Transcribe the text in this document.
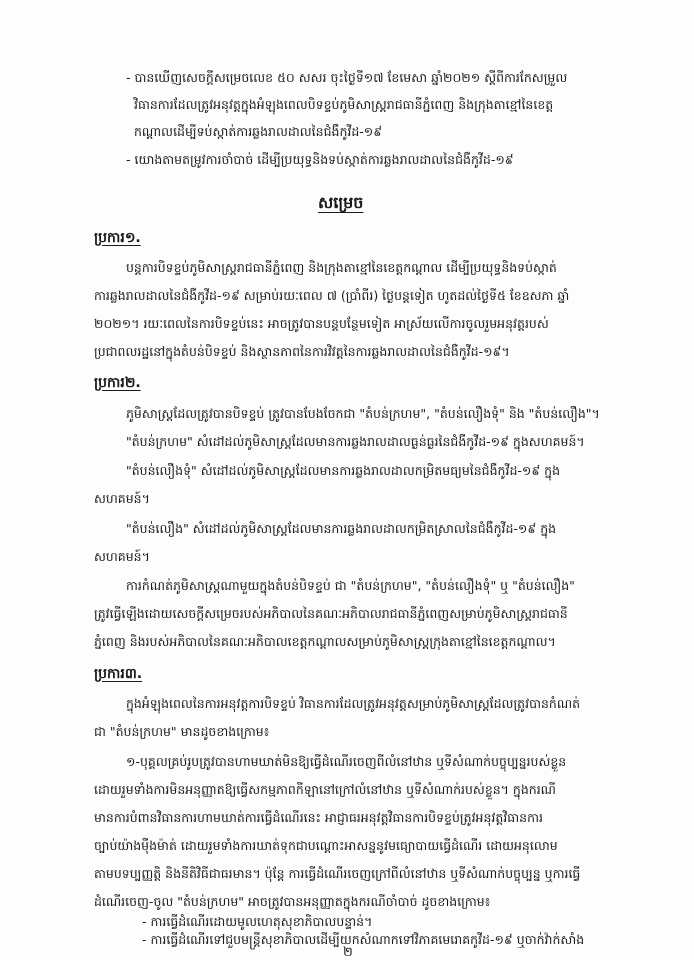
- បានឃើញសេចក្តីសម្រេចលេខ ៥០ សសរ ចុះថ្ងៃទី១៧ ខែមេសា ឆ្នាំ២០២១ ស្តីពីការកែសម្រួល
វិធានការដែលត្រូវអនុវត្តក្នុងអំឡុងពេលបិទខ្ទប់ភូមិសាស្ត្ររាជធានីភ្នំពេញ និងក្រុងតាខ្មៅនៃខេត្ត
កណ្តាលដើម្បីទប់ស្កាត់ការឆ្លងរាលដាលនៃជំងឺកូវីដ-១៩
- យោងតាមតម្រូវការចាំបាច់ ដើម្បីប្រយុទ្ធនិងទប់ស្កាត់ការឆ្លងរាលដាលនៃជំងឺកូវីដ-១៩
សម្រេច
ប្រការ១.
បន្តការបិទខ្ទប់ភូមិសាស្ត្ររាជធានីភ្នំពេញ និងក្រុងតាខ្មៅនៃខេត្តកណ្តាល ដើម្បីប្រយុទ្ធនិងទប់ស្កាត់
ការឆ្លងរាលដាលនៃជំងឺកូវីដ-១៩ សម្រាប់រយៈពេល ៧ (ប្រាំពីរ) ថ្ងៃបន្តទៀត ហូតដល់ថ្ងៃទី៥ ខែឧសភា ឆ្នាំ
២០២១។ រយៈពេលនៃការបិទខ្ទប់នេះ អាចត្រូវបានបន្តបន្ថែមទៀត អាស្រ័យលើការចូលរួមអនុវត្តរបស់
ប្រជាពលរដ្ឋនៅក្នុងតំបន់បិទខ្ទប់ និងស្ថានភាពនៃការវិវត្តនៃការឆ្លងរាលដាលនៃជំងឺកូវីដ-១៩។
ប្រការ២.
ភូមិសាស្ត្រដែលត្រូវបានបិទខ្ទប់ ត្រូវបានបែងចែកជា "តំបន់ក្រហម", "តំបន់លឿងទុំ" និង "តំបន់លឿង"។
"តំបន់ក្រហម" សំដៅដល់ភូមិសាស្ត្រដែលមានការឆ្លងរាលដាលធ្ងន់ធ្ងរនៃជំងឺកូវីដ-១៩ ក្នុងសហគមន៍។
"តំបន់លឿងទុំ" សំដៅដល់ភូមិសាស្ត្រដែលមានការឆ្លងរាលដាលកម្រិតមធ្យមនៃជំងឺកូវីដ-១៩ ក្នុង
សហគមន៍។
"តំបន់លឿង" សំដៅដល់ភូមិសាស្ត្រដែលមានការឆ្លងរាលដាលកម្រិតស្រាលនៃជំងឺកូវីដ-១៩ ក្នុង
សហគមន៍។
ការកំណត់ភូមិសាស្ត្រណាមួយក្នុងតំបន់បិទខ្ទប់ ជា "តំបន់ក្រហម", "តំបន់លឿងទុំ" ឬ "តំបន់លឿង"
ត្រូវធ្វើឡើងដោយសេចក្តីសម្រេចរបស់អភិបាលនៃគណៈអភិបាលរាជធានីភ្នំពេញសម្រាប់ភូមិសាស្ត្ររាជធានី
ភ្នំពេញ និងរបស់អភិបាលនៃគណៈអភិបាលខេត្តកណ្តាលសម្រាប់ភូមិសាស្ត្រក្រុងតាខ្មៅនៃខេត្តកណ្តាល។
ប្រការ៣.
ក្នុងអំឡុងពេលនៃការអនុវត្តការបិទខ្ទប់ វិធានការដែលត្រូវអនុវត្តសម្រាប់ភូមិសាស្ត្រដែលត្រូវបានកំណត់
ជា "តំបន់ក្រហម" មានដូចខាងក្រោម៖
១-បុគ្គលគ្រប់រូបត្រូវបានហាមឃាត់មិនឱ្យធ្វើដំណើរចេញពីលំនៅឋាន ឬទីសំណាក់បច្ចុប្បន្នរបស់ខ្លួន
ដោយរួមទាំងការមិនអនុញ្ញាតឱ្យធ្វើសកម្មភាពកីឡានៅក្រៅលំនៅឋាន ឬទីសំណាក់របស់ខ្លួន។ ក្នុងករណី
មានការបំពានវិធានការហាមឃាត់ការធ្វើដំណើរនេះ អាជ្ញាធរអនុវត្តវិធានការបិទខ្ទប់ត្រូវអនុវត្តវិធានការ
ច្បាប់យ៉ាងម៉ឺងម៉ាត់ ដោយរួមទាំងការឃាត់ទុកជាបណ្តោះអាសន្ននូវមធ្យោបាយធ្វើដំណើរ ដោយអនុលោម
តាមបទប្បញ្ញត្តិ និងនីតិវិធីជាធរមាន។ ប៉ុន្តែ ការធ្វើដំណើរចេញក្រៅពីលំនៅឋាន ឬទីសំណាក់បច្ចុប្បន្ន ឬការធ្វើ
ដំណើរចេញ-ចូល "តំបន់ក្រហម" អាចត្រូវបានអនុញ្ញាតក្នុងករណីចាំបាច់ ដូចខាងក្រោម៖
- ការធ្វើដំណើរដោយមូលហេតុសុខាភិបាលបន្ទាន់។
- ការធ្វើដំណើរទៅជួបមន្ត្រីសុខាភិបាលដើម្បីយកសំណាកទៅវិភាគមេរោគកូវីដ-១៩ ឬចាក់វ៉ាក់សាំង
២
